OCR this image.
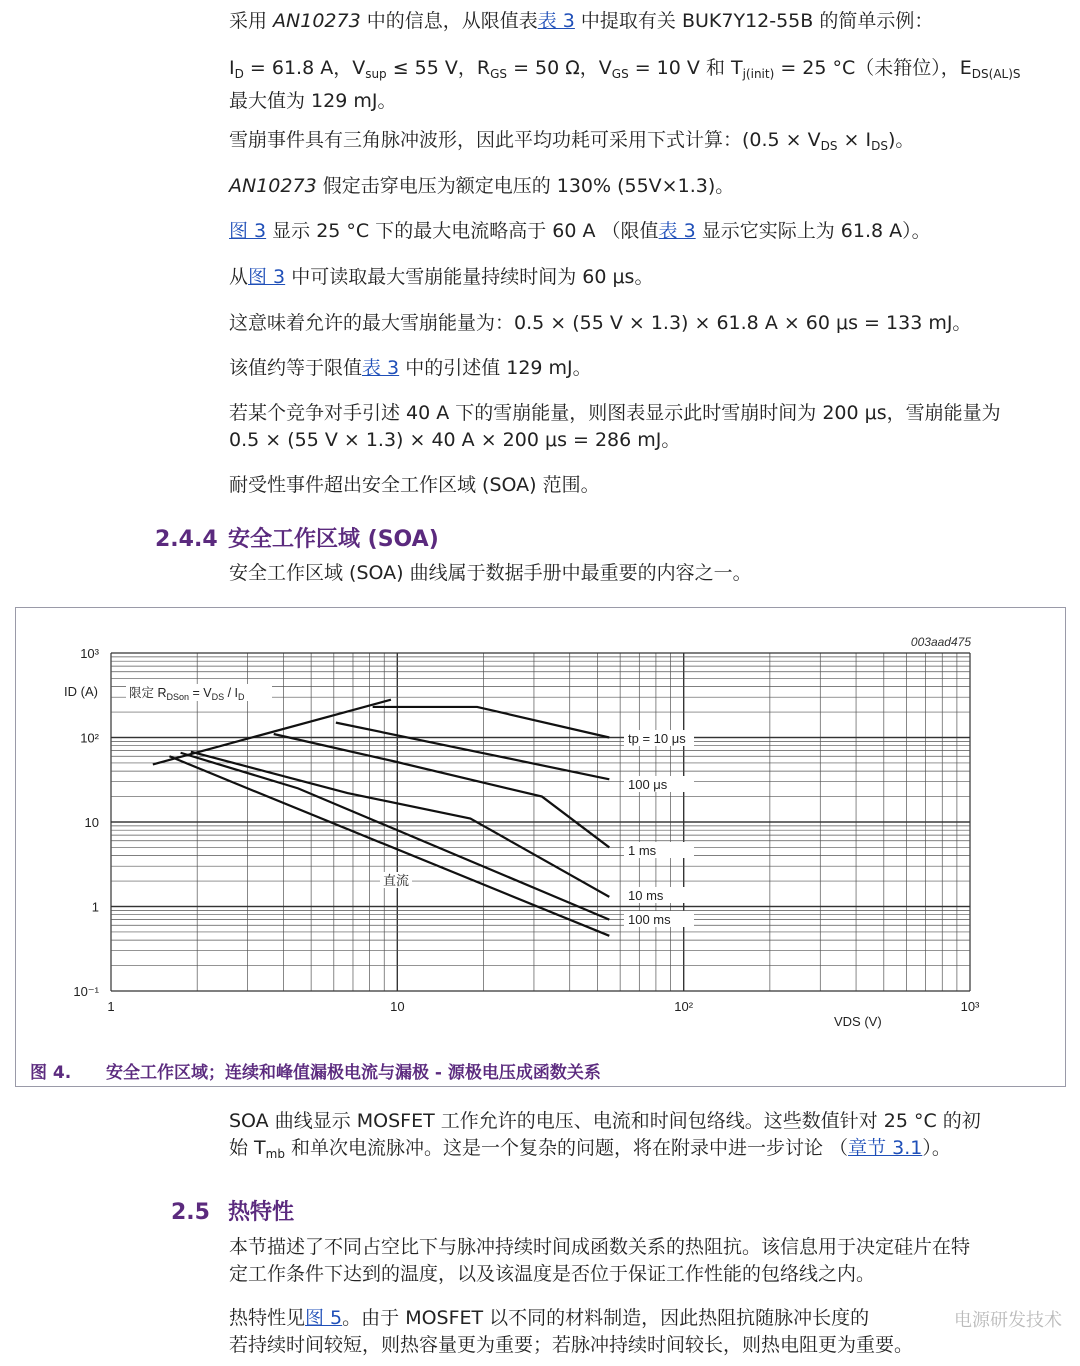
采用 AN10273 中的信息，从限值表表 3 中提取有关 BUK7Y12-55B 的简单示例：

$I_D = 61.8$ A，$V_{sup} \le 55$ V，$R_{GS} = 50$ Ω，$V_{GS} = 10$ V 和 $T_{j(init)} = 25$ °C（未箝位），$E_{DS(AL)S}$
最大值为 129 mJ。

雪崩事件具有三角脉冲波形，因此平均功耗可采用下式计算：$(0.5 \times V_{DS} \times I_{DS})$。

AN10273 假定击穿电压为额定电压的 130% (55V×1.3)。

图 3 显示 25 °C 下的最大电流略高于 60 A （限值表 3 显示它实际上为 61.8 A）。

从图 3 中可读取最大雪崩能量持续时间为 60 μs。

这意味着允许的最大雪崩能量为：0.5 × (55 V × 1.3) × 61.8 A × 60 μs = 133 mJ。

该值约等于限值表 3 中的引述值 129 mJ。

若某个竞争对手引述 40 A 下的雪崩能量，则图表显示此时雪崩时间为 200 μs，雪崩能量为
0.5 × (55 V × 1.3) × 40 A × 200 μs = 286 mJ。

耐受性事件超出安全工作区域 (SOA) 范围。

2.4.4 安全工作区域 (SOA)

安全工作区域 (SOA) 曲线属于数据手册中最重要的内容之一。

1	10	10²	10³
10⁻¹
1
10
10²
10³
ID (A)
VDS (V)
tp = 10 μs
100 μs
1 ms
10 ms
100 ms
限定 $R_{DSon} = V_{DS} / I_D$
直流
003aad475
图 4. 安全工作区域；连续和峰值漏极电流与漏极 - 源极电压成函数关系

SOA 曲线显示 MOSFET 工作允许的电压、电流和时间包络线。这些数值针对 25 °C 的初
始 $T_{mb}$ 和单次电流脉冲。这是一个复杂的问题，将在附录中进一步讨论 （章节 3.1）。

2.5 热特性

本节描述了不同占空比下与脉冲持续时间成函数关系的热阻抗。该信息用于决定硅片在特
定工作条件下达到的温度，以及该温度是否位于保证工作性能的包络线之内。

热特性见图 5。由于 MOSFET 以不同的材料制造，因此热阻抗随脉冲长度的
若持续时间较短，则热容量更为重要；若脉冲持续时间较长，则热电阻更为重要。

电源研发技术
